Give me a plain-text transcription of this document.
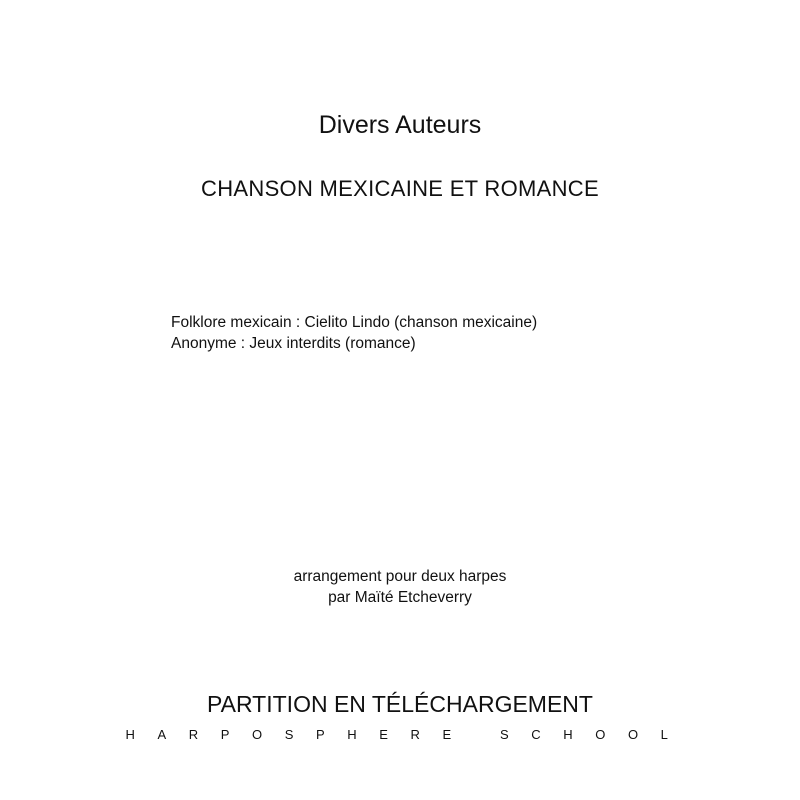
Divers Auteurs
CHANSON MEXICAINE ET ROMANCE
Folklore mexicain : Cielito Lindo (chanson mexicaine)
Anonyme : Jeux interdits (romance)
arrangement pour deux harpes
par Maïté Etcheverry
PARTITION EN TÉLÉCHARGEMENT
HARPOSPHERE SCHOOL
